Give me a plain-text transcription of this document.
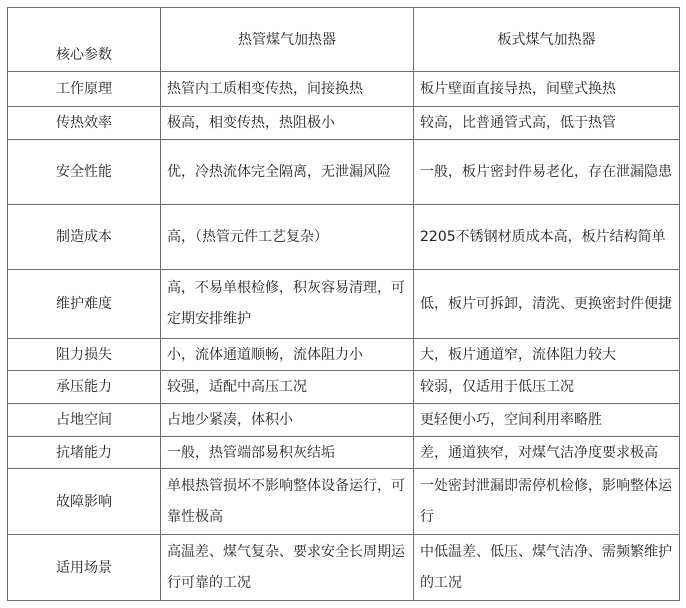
核心参数	热管煤气加热器	板式煤气加热器
工作原理	热管内工质相变传热，间接换热	板片壁面直接导热，间壁式换热
传热效率	极高，相变传热，热阻极小	较高，比普通管式高，低于热管
安全性能	优，冷热流体完全隔离，无泄漏风险	一般，板片密封件易老化，存在泄漏隐患
制造成本	高，（热管元件工艺复杂）	2205不锈钢材质成本高，板片结构简单
维护难度	高，不易单根检修，积灰容易清理，可定期安排维护	低，板片可拆卸，清洗、更换密封件便捷
阻力损失	小，流体通道顺畅，流体阻力小	大，板片通道窄，流体阻力较大
承压能力	较强，适配中高压工况	较弱，仅适用于低压工况
占地空间	占地少紧凑，体积小	更轻便小巧，空间利用率略胜
抗堵能力	一般，热管端部易积灰结垢	差，通道狭窄，对煤气洁净度要求极高
故障影响	单根热管损坏不影响整体设备运行，可靠性极高	一处密封泄漏即需停机检修，影响整体运行
适用场景	高温差、煤气复杂、要求安全长周期运行可靠的工况	中低温差、低压、煤气洁净、需频繁维护的工况
